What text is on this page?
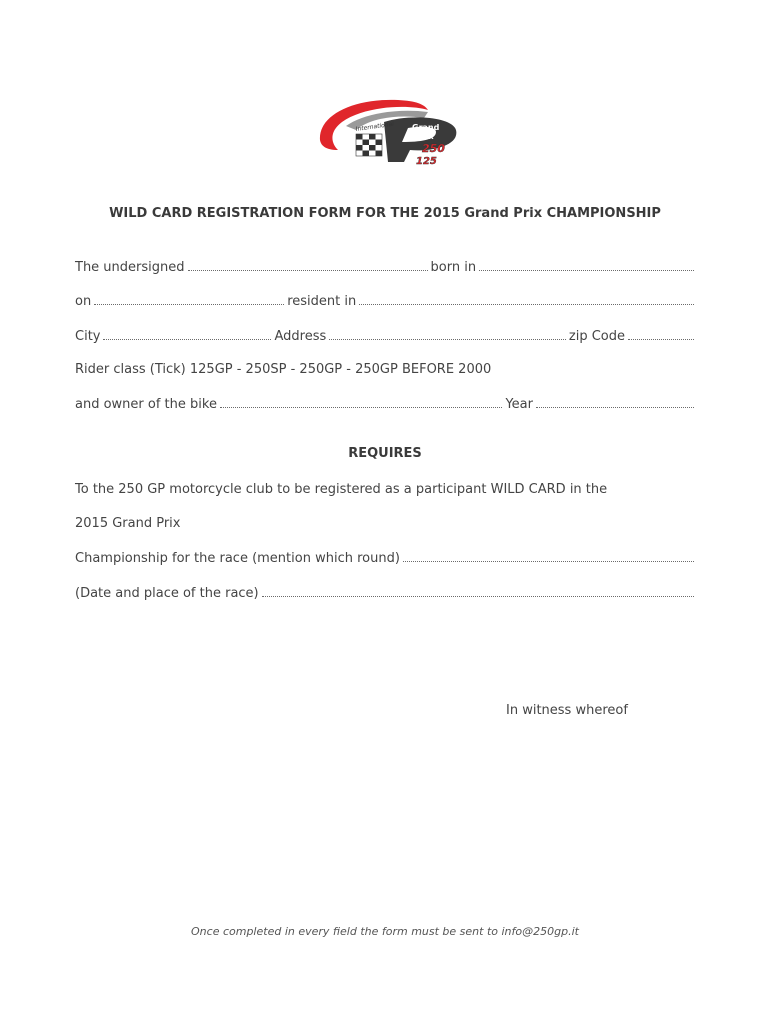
International Grand
Prix
250
125
WILD CARD REGISTRATION FORM FOR THE 2015 Grand Prix CHAMPIONSHIP
The undersigned	born in
on	resident in
City	Address	zip Code
Rider class (Tick) 125GP - 250SP - 250GP - 250GP BEFORE 2000
and owner of the bike	Year
REQUIRES
To the 250 GP motorcycle club to be registered as a participant WILD CARD in the
2015 Grand Prix
Championship for the race (mention which round)
(Date and place of the race)
In witness whereof
Once completed in every field the form must be sent to info@250gp.it
